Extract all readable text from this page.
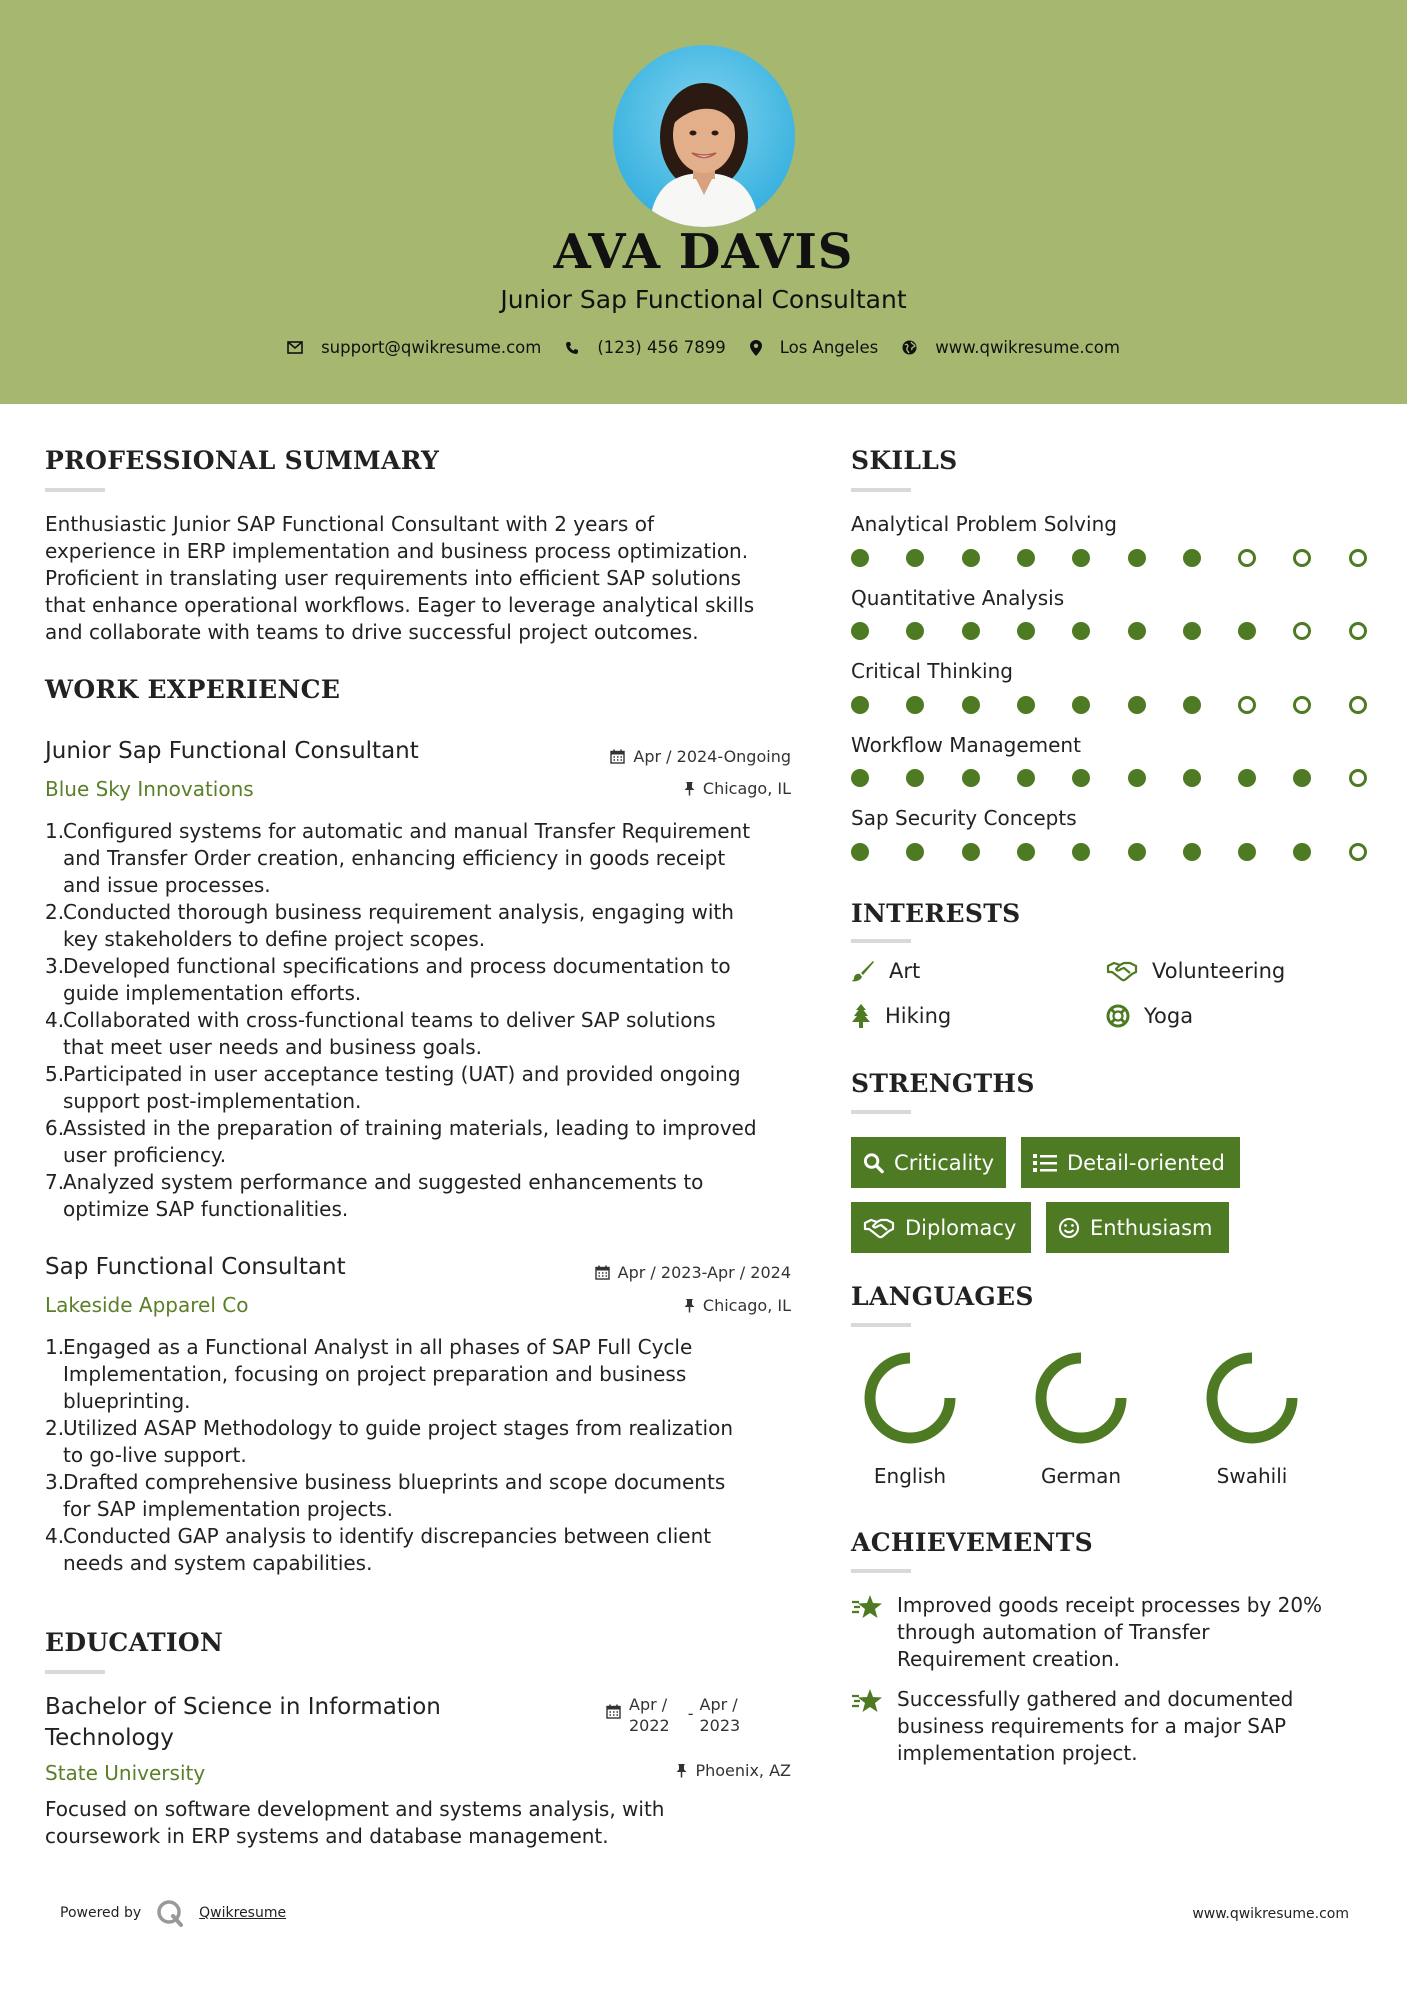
AVA DAVIS
Junior Sap Functional Consultant
support@qwikresume.com	(123) 456 7899	Los Angeles	www.qwikresume.com
PROFESSIONAL SUMMARY
Enthusiastic Junior SAP Functional Consultant with 2 years of
experience in ERP implementation and business process optimization.
Proficient in translating user requirements into efficient SAP solutions
that enhance operational workflows. Eager to leverage analytical skills
and collaborate with teams to drive successful project outcomes.
WORK EXPERIENCE
Junior Sap Functional Consultant	Apr / 2024-Ongoing
Blue Sky Innovations	Chicago, IL
1.
Configured systems for automatic and manual Transfer Requirement
and Transfer Order creation, enhancing efficiency in goods receipt
and issue processes.
2.
Conducted thorough business requirement analysis, engaging with
key stakeholders to define project scopes.
3.
Developed functional specifications and process documentation to
guide implementation efforts.
4.
Collaborated with cross-functional teams to deliver SAP solutions
that meet user needs and business goals.
5.
Participated in user acceptance testing (UAT) and provided ongoing
support post-implementation.
6.
Assisted in the preparation of training materials, leading to improved
user proficiency.
7.
Analyzed system performance and suggested enhancements to
optimize SAP functionalities.
Sap Functional Consultant	Apr / 2023-Apr / 2024
Lakeside Apparel Co	Chicago, IL
1.
Engaged as a Functional Analyst in all phases of SAP Full Cycle
Implementation, focusing on project preparation and business
blueprinting.
2.
Utilized ASAP Methodology to guide project stages from realization
to go-live support.
3.
Drafted comprehensive business blueprints and scope documents
for SAP implementation projects.
4.
Conducted GAP analysis to identify discrepancies between client
needs and system capabilities.
EDUCATION
Bachelor of Science in Information
Technology
Apr /
2022
- Apr /
2023
State University	Phoenix, AZ
Focused on software development and systems analysis, with
coursework in ERP systems and database management.
SKILLS
Analytical Problem Solving
Quantitative Analysis
Critical Thinking
Workflow Management
Sap Security Concepts
INTERESTS
Art	Volunteering
Hiking	Yoga
STRENGTHS
Criticality	Detail-oriented
Diplomacy	Enthusiasm
LANGUAGES
English	German	Swahili
ACHIEVEMENTS
Improved goods receipt processes by 20%
through automation of Transfer
Requirement creation.
Successfully gathered and documented
business requirements for a major SAP
implementation project.
Powered by	Qwikresume	www.qwikresume.com
